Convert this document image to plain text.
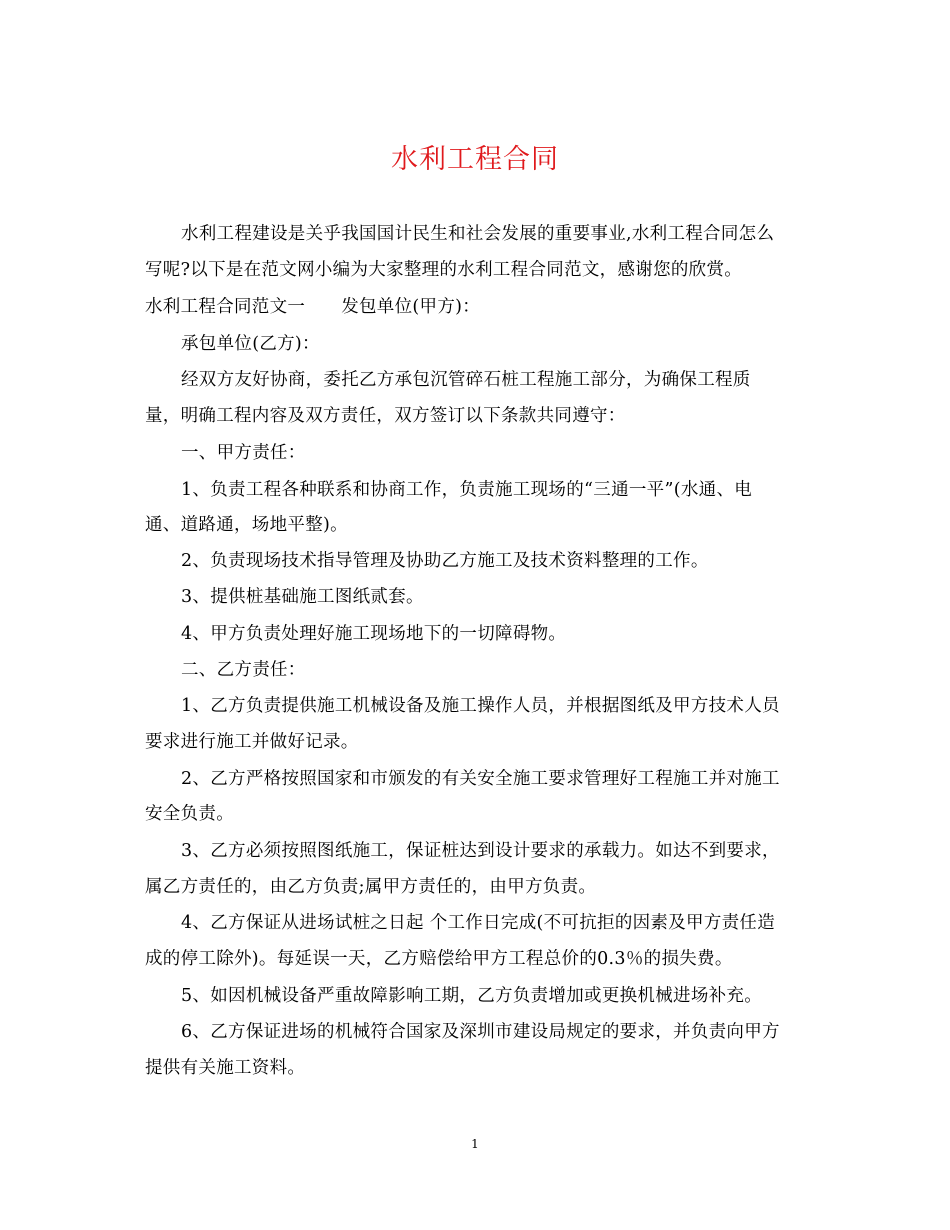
水利工程合同
水利工程建设是关乎我国国计民生和社会发展的重要事业,水利工程合同怎么
写呢?以下是在范文网小编为大家整理的水利工程合同范文，感谢您的欣赏。
水利工程合同范文一 发包单位(甲方)：
承包单位(乙方)：
经双方友好协商，委托乙方承包沉管碎石桩工程施工部分，为确保工程质
量，明确工程内容及双方责任，双方签订以下条款共同遵守：
一、甲方责任：
1、负责工程各种联系和协商工作，负责施工现场的“三通一平”(水通、电
通、道路通，场地平整)。
2、负责现场技术指导管理及协助乙方施工及技术资料整理的工作。
3、提供桩基础施工图纸贰套。
4、甲方负责处理好施工现场地下的一切障碍物。
二、乙方责任：
1、乙方负责提供施工机械设备及施工操作人员，并根据图纸及甲方技术人员
要求进行施工并做好记录。
2、乙方严格按照国家和市颁发的有关安全施工要求管理好工程施工并对施工
安全负责。
3、乙方必须按照图纸施工，保证桩达到设计要求的承载力。如达不到要求，
属乙方责任的，由乙方负责;属甲方责任的，由甲方负责。
4、乙方保证从进场试桩之日起 个工作日完成(不可抗拒的因素及甲方责任造
成的停工除外)。每延误一天，乙方赔偿给甲方工程总价的0.3％的损失费。
5、如因机械设备严重故障影响工期，乙方负责增加或更换机械进场补充。
6、乙方保证进场的机械符合国家及深圳市建设局规定的要求，并负责向甲方
提供有关施工资料。
1
